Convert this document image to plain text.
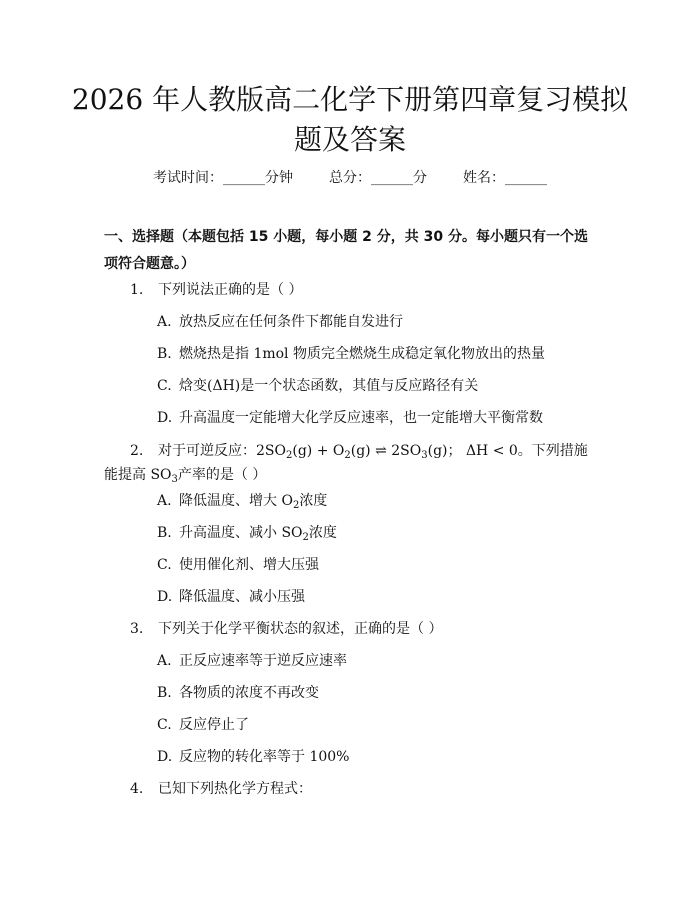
2026 年人教版高二化学下册第四章复习模拟
题及答案
考试时间：______分钟	总分：______分	姓名：______
一、选择题（本题包括 15 小题，每小题 2 分，共 30 分。每小题只有一个选项符合题意。）
1. 下列说法正确的是（ ）
A. 放热反应在任何条件下都能自发进行
B. 燃烧热是指 1mol 物质完全燃烧生成稳定氧化物放出的热量
C. 焓变(ΔH)是一个状态函数，其值与反应路径有关
D. 升高温度一定能增大化学反应速率，也一定能增大平衡常数
2. 对于可逆反应：$2SO_2(g) + O_2(g)$ ⇌ $2SO_3(g)$； ΔH < 0。下列措施能提高 $SO_3$产率的是（ ）
A. 降低温度、增大 $O_2$浓度
B. 升高温度、减小 $SO_2$浓度
C. 使用催化剂、增大压强
D. 降低温度、减小压强
3. 下列关于化学平衡状态的叙述，正确的是（ ）
A. 正反应速率等于逆反应速率
B. 各物质的浓度不再改变
C. 反应停止了
D. 反应物的转化率等于 100%
4. 已知下列热化学方程式：
